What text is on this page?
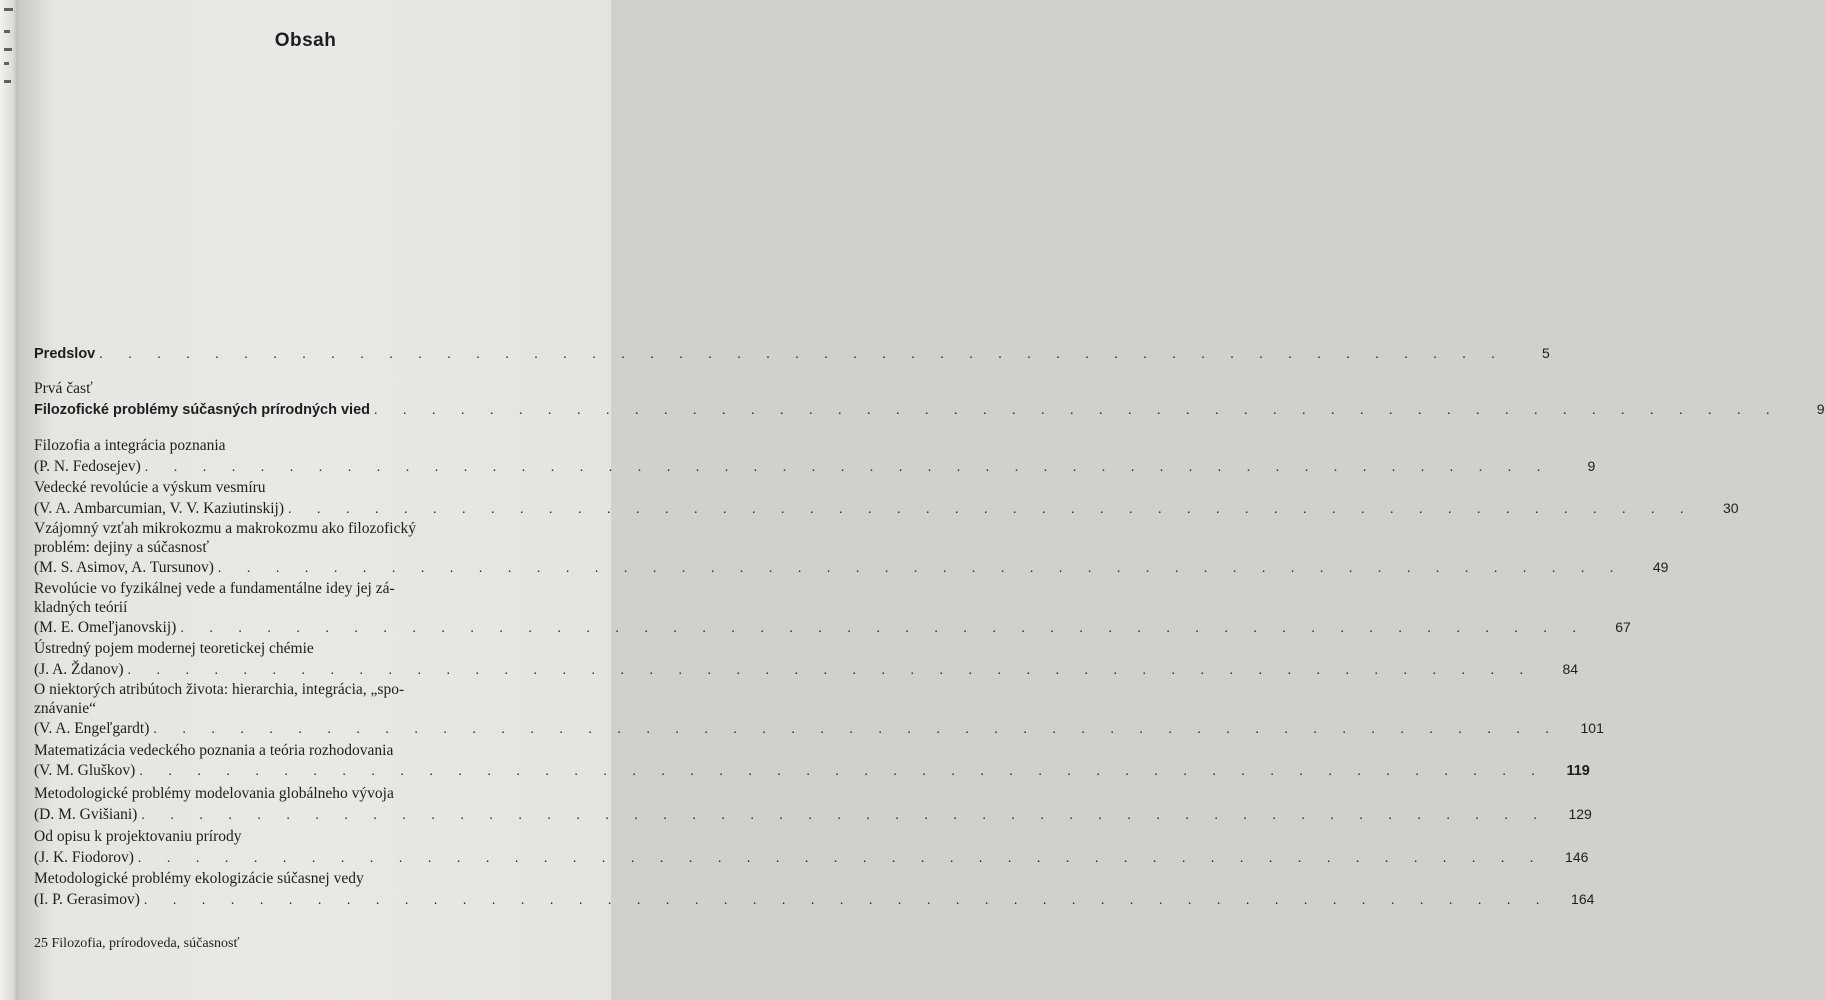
Obsah
Predslov . . . . . . . . . . . . . . . . . . . . . . . . . . . . . . . . . . . . . . . . . . . . . . . . .	5
Prvá časť
Filozofické problémy súčasných prírodných vied . . . . . . . . . . . . . . . . . . . . . . . . . . . . . . . . . . . . . . . . . . . . . . . . .	9
Filozofia a integrácia poznania
(P. N. Fedosejev) . . . . . . . . . . . . . . . . . . . . . . . . . . . . . . . . . . . . . . . . . . . . . . . . .	9
Vedecké revolúcie a výskum vesmíru
(V. A. Ambarcumian, V. V. Kaziutinskij) . . . . . . . . . . . . . . . . . . . . . . . . . . . . . . . . . . . . . . . . . . . . . . . . .	30
Vzájomný vzťah mikrokozmu a makrokozmu ako filozofický
problém: dejiny a súčasnosť
(M. S. Asimov, A. Tursunov) . . . . . . . . . . . . . . . . . . . . . . . . . . . . . . . . . . . . . . . . . . . . . . . . .	49
Revolúcie vo fyzikálnej vede a fundamentálne idey jej zá-
kladných teórií
(M. E. Omeľjanovskij) . . . . . . . . . . . . . . . . . . . . . . . . . . . . . . . . . . . . . . . . . . . . . . . . .	67
Ústredný pojem modernej teoretickej chémie
(J. A. Ždanov) . . . . . . . . . . . . . . . . . . . . . . . . . . . . . . . . . . . . . . . . . . . . . . . . .	84
O niektorých atribútoch života: hierarchia, integrácia, „spo-
znávanie“
(V. A. Engeľgardt) . . . . . . . . . . . . . . . . . . . . . . . . . . . . . . . . . . . . . . . . . . . . . . . . .	101
Matematizácia vedeckého poznania a teória rozhodovania
(V. M. Gluškov) . . . . . . . . . . . . . . . . . . . . . . . . . . . . . . . . . . . . . . . . . . . . . . . . .	119
Metodologické problémy modelovania globálneho vývoja
(D. M. Gvišiani) . . . . . . . . . . . . . . . . . . . . . . . . . . . . . . . . . . . . . . . . . . . . . . . . .	129
Od opisu k projektovaniu prírody
(J. K. Fiodorov) . . . . . . . . . . . . . . . . . . . . . . . . . . . . . . . . . . . . . . . . . . . . . . . . .	146
Metodologické problémy ekologizácie súčasnej vedy
(I. P. Gerasimov) . . . . . . . . . . . . . . . . . . . . . . . . . . . . . . . . . . . . . . . . . . . . . . . . .	164
25 Filozofia, prírodoveda, súčasnosť
